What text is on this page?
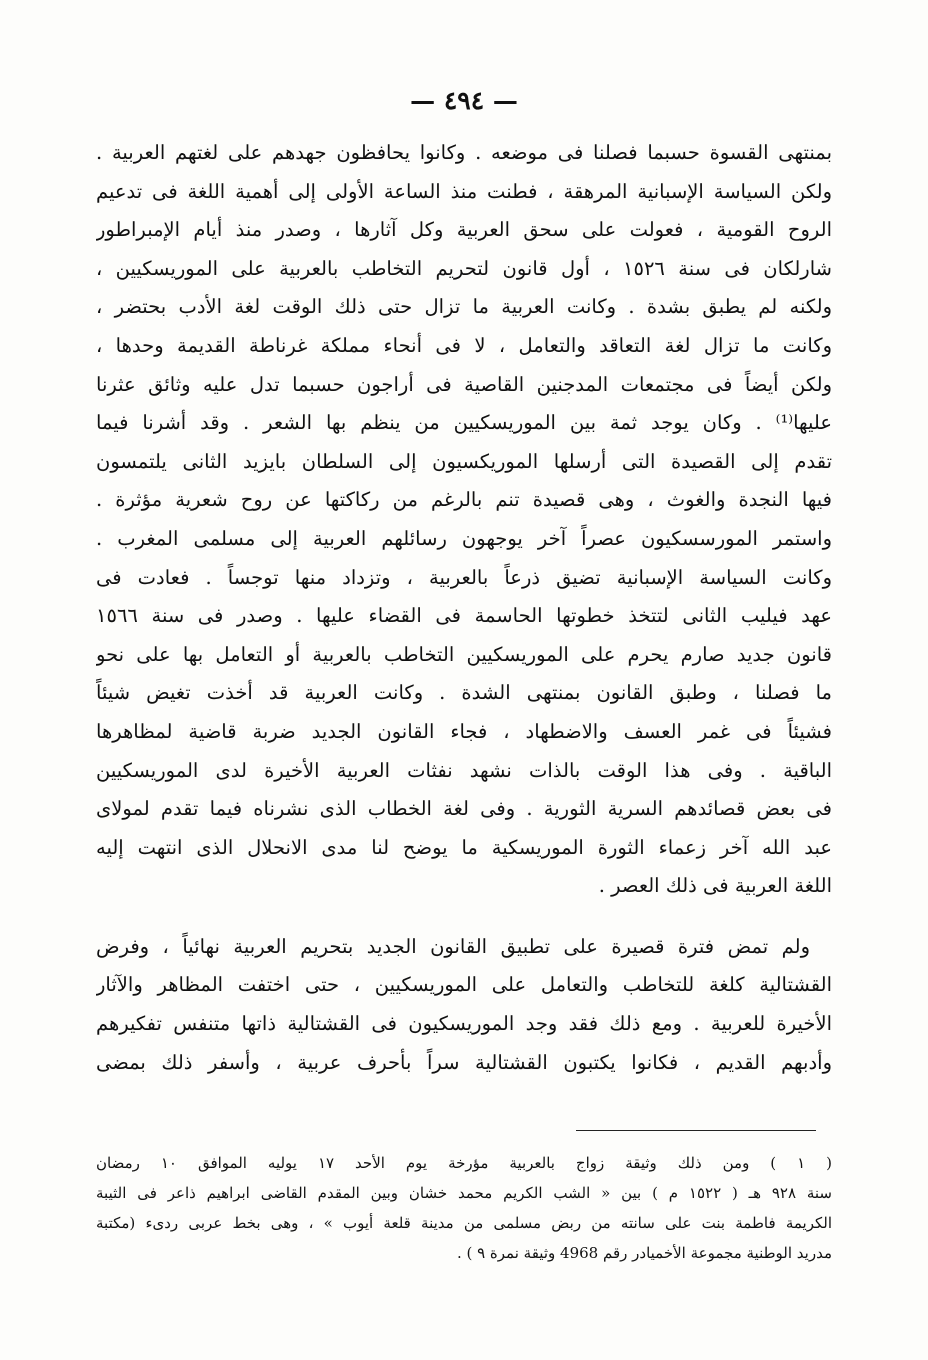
— ٤٩٤ —
بمنتهى القسوة حسبما فصلنا فى موضعه . وكانوا يحافظون جهدهم على لغتهم العربية .
ولكن السياسة الإسبانية المرهقة ، فطنت منذ الساعة الأولى إلى أهمية اللغة فى تدعيم
الروح القومية ، فعولت على سحق العربية وكل آثارها ، وصدر منذ أيام الإمبراطور
شارلكان فى سنة ١٥٢٦ ، أول قانون لتحريم التخاطب بالعربية على الموريسكيين ،
ولكنه لم يطبق بشدة . وكانت العربية ما تزال حتى ذلك الوقت لغة الأدب بحتضر ،
وكانت ما تزال لغة التعاقد والتعامل ، لا فى أنحاء مملكة غرناطة القديمة وحدها ،
ولكن أيضاً فى مجتمعات المدجنين القاصية فى أراجون حسبما تدل عليه وثائق عثرنا
عليها⁽¹⁾ . وكان يوجد ثمة بين الموريسكيين من ينظم بها الشعر . وقد أشرنا فيما
تقدم إلى القصيدة التى أرسلها الموريكسيون إلى السلطان بايزيد الثانى يلتمسون
فيها النجدة والغوث ، وهى قصيدة تنم بالرغم من ركاكتها عن روح شعرية مؤثرة .
واستمر المورسسكيون عصراً آخر يوجهون رسائلهم العربية إلى مسلمى المغرب .
وكانت السياسة الإسبانية تضيق ذرعاً بالعربية ، وتزداد منها توجساً . فعادت فى
عهد فيليب الثانى لتتخذ خطوتها الحاسمة فى القضاء عليها . وصدر فى سنة ١٥٦٦
قانون جديد صارم يحرم على الموريسكيين التخاطب بالعربية أو التعامل بها على نحو
ما فصلنا ، وطبق القانون بمنتهى الشدة . وكانت العربية قد أخذت تغيض شيئاً
فشيئاً فى غمر العسف والاضطهاد ، فجاء القانون الجديد ضربة قاضية لمظاهرها
الباقية . وفى هذا الوقت بالذات نشهد نفثات العربية الأخيرة لدى الموريسكيين
فى بعض قصائدهم السرية الثورية . وفى لغة الخطاب الذى نشرناه فيما تقدم لمولاى
عبد الله آخر زعماء الثورة الموريسكية ما يوضح لنا مدى الانحلال الذى انتهت إليه
اللغة العربية فى ذلك العصر .
ولم تمض فترة قصيرة على تطبيق القانون الجديد بتحريم العربية نهائياً ، وفرض
القشتالية كلغة للتخاطب والتعامل على الموريسكيين ، حتى اختفت المظاهر والآثار
الأخيرة للعربية . ومع ذلك فقد وجد الموريسكيون فى القشتالية ذاتها متنفس تفكيرهم
وأدبهم القديم ، فكانوا يكتبون القشتالية سراً بأحرف عربية ، وأسفر ذلك بمضى
( ١ ) ومن ذلك وثيقة زواج بالعربية مؤرخة يوم الأحد ١٧ يوليه الموافق ١٠ رمضان
سنة ٩٢٨ هـ ( ١٥٢٢ م ) بين « الشب الكريم محمد خشان وبين المقدم القاضى ابراهيم ذاعر فى الثيبة
الكريمة فاطمة بنت على سانته من ربض مسلمى من مدينة قلعة أيوب » ، وهى بخط عربى ردىء (مكتبة
مدريد الوطنية مجموعة الأخميادر رقم 4968 وثيقة نمرة ٩ ) .
